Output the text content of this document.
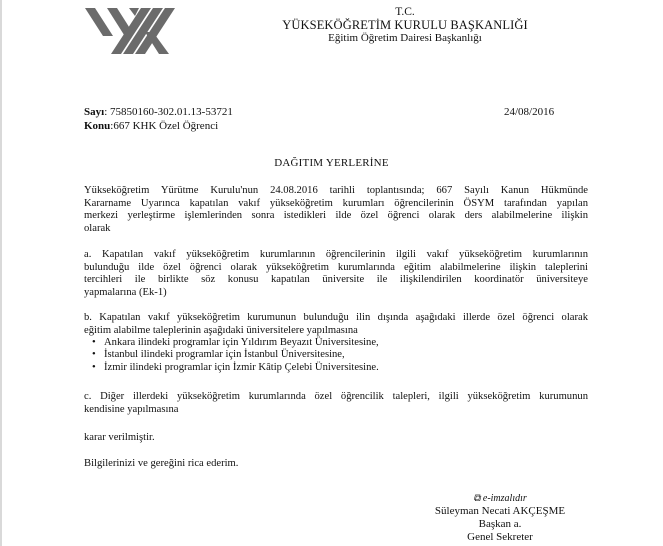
T.C.
YÜKSEKÖĞRETİM KURULU BAŞKANLIĞI
Eğitim Öğretim Dairesi Başkanlığı
Sayı: 75850160-302.01.13-53721
Konu:667 KHK Özel Öğrenci
24/08/2016
DAĞITIM YERLERİNE
Yükseköğretim Yürütme Kurulu'nun 24.08.2016 tarihli toplantısında; 667 Sayılı Kanun Hükmünde
Kararname Uyarınca kapatılan vakıf yükseköğretim kurumları öğrencilerinin ÖSYM tarafından yapılan
merkezi yerleştirme işlemlerinden sonra istedikleri ilde özel öğrenci olarak ders alabilmelerine ilişkin
olarak
a. Kapatılan vakıf yükseköğretim kurumlarının öğrencilerinin ilgili vakıf yükseköğretim kurumlarının
bulunduğu ilde özel öğrenci olarak yükseköğretim kurumlarında eğitim alabilmelerine ilişkin taleplerini
tercihleri ile birlikte söz konusu kapatılan üniversite ile ilişkilendirilen koordinatör üniversiteye
yapmalarına (Ek-1)
b. Kapatılan vakıf yükseköğretim kurumunun bulunduğu ilin dışında aşağıdaki illerde özel öğrenci olarak
eğitim alabilme taleplerinin aşağıdaki üniversitelere yapılmasına
• Ankara ilindeki programlar için Yıldırım Beyazıt Üniversitesine,
• İstanbul ilindeki programlar için İstanbul Üniversitesine,
• İzmir ilindeki programlar için İzmir Kâtip Çelebi Üniversitesine.
c. Diğer illerdeki yükseköğretim kurumlarında özel öğrencilik talepleri, ilgili yükseköğretim kurumunun
kendisine yapılmasına
karar verilmiştir.
Bilgilerinizi ve gereğini rica ederim.
⧉ e-imzalıdır
Süleyman Necati AKÇEŞME
Başkan a.
Genel Sekreter
